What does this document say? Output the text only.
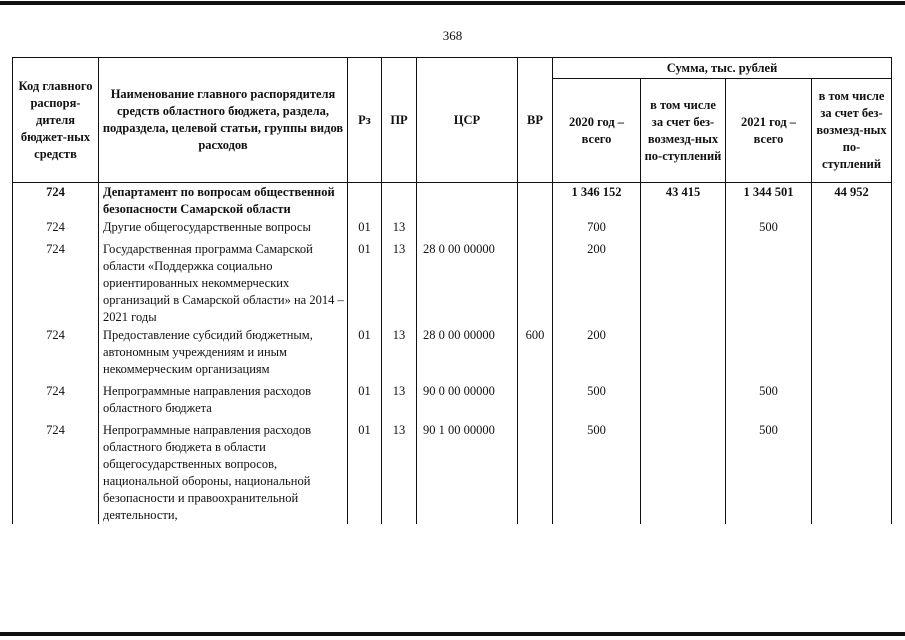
368
Код главного распоря-дителя бюджет-ных средств	Наименование главного распорядителя средств областного бюджета, раздела, подраздела, целевой статьи, группы видов расходов	Рз	ПР	ЦСР	ВР	Сумма, тыс. рублей			
						2020 год – всего	в том числе за счет без-возмезд-ных по-ступлений	2021 год – всего	в том числе за счет без-возмезд-ных по-ступлений
724	Департамент по вопросам общественной безопасности Самарской области					1 346 152	43 415	1 344 501	44 952
724	Другие общегосударственные вопросы	01	13			700		500	
724	Государственная программа Самарской области «Поддержка социально ориентированных некоммерческих организаций в Самарской области» на 2014 – 2021 годы	01	13	28 0 00 00000		200			
724	Предоставление субсидий бюджетным, автономным учреждениям и иным некоммерческим организациям	01	13	28 0 00 00000	600	200			
724	Непрограммные направления расходов областного бюджета	01	13	90 0 00 00000		500		500	
724	Непрограммные направления расходов областного бюджета в области общегосударственных вопросов, национальной обороны, национальной безопасности и правоохранительной деятельности,	01	13	90 1 00 00000		500		500	
